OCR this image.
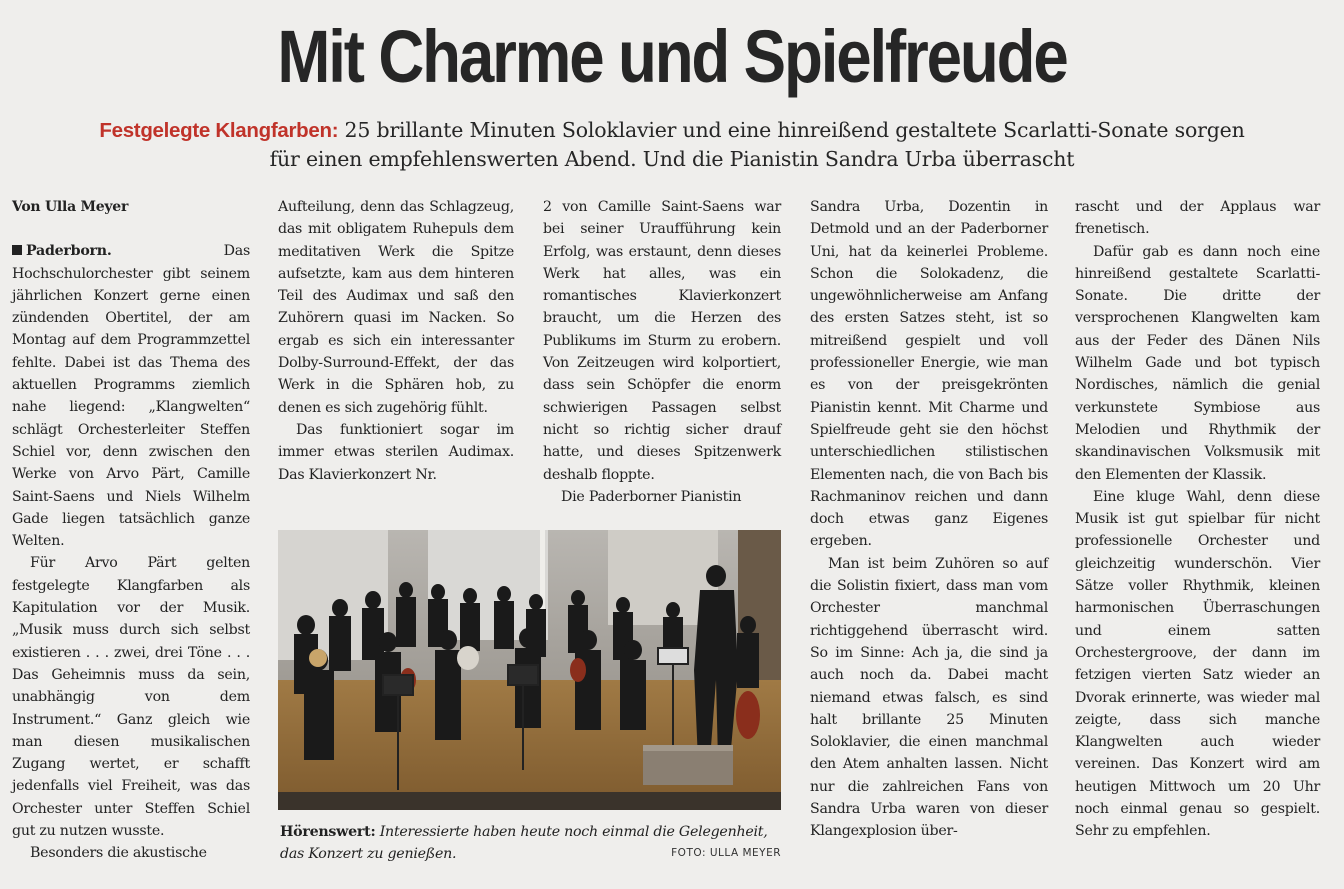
Mit Charme und Spielfreude
Festgelegte Klangfarben: 25 brillante Minuten Soloklavier und eine hinreißend gestaltete Scarlatti-Sonate sorgen
für einen empfehlenswerten Abend. Und die Pianistin Sandra Urba überrascht
Von Ulla Meyer

Paderborn. Das Hochschulorchester gibt seinem jährlichen Konzert gerne einen zündenden Obertitel, der am Montag auf dem Programmzettel fehlte. Dabei ist das Thema des aktuellen Programms ziemlich nahe liegend: „Klangwelten“ schlägt Orchesterleiter Steffen Schiel vor, denn zwischen den Werke von Arvo Pärt, Camille Saint-Saens und Niels Wilhelm Gade liegen tatsächlich ganze Welten.

Für Arvo Pärt gelten festgelegte Klangfarben als Kapitulation vor der Musik. „Musik muss durch sich selbst existieren . . . zwei, drei Töne . . . Das Geheimnis muss da sein, unabhängig von dem Instrument.“ Ganz gleich wie man diesen musikalischen Zugang wertet, er schafft jedenfalls viel Freiheit, was das Orchester unter Steffen Schiel gut zu nutzen wusste.

Besonders die akustische

Aufteilung, denn das Schlagzeug, das mit obligatem Ruhepuls dem meditativen Werk die Spitze aufsetzte, kam aus dem hinteren Teil des Audimax und saß den Zuhörern quasi im Nacken. So ergab es sich ein interessanter Dolby-Surround-Effekt, der das Werk in die Sphären hob, zu denen es sich zugehörig fühlt.

Das funktioniert sogar im immer etwas sterilen Audimax. Das Klavierkonzert Nr.

2 von Camille Saint-Saens war bei seiner Uraufführung kein Erfolg, was erstaunt, denn dieses Werk hat alles, was ein romantisches Klavierkonzert braucht, um die Herzen des Publikums im Sturm zu erobern. Von Zeitzeugen wird kolportiert, dass sein Schöpfer die enorm schwierigen Passagen selbst nicht so richtig sicher drauf hatte, und dieses Spitzenwerk deshalb floppte.

Die Paderborner Pianistin

Sandra Urba, Dozentin in Detmold und an der Paderborner Uni, hat da keinerlei Probleme. Schon die Solokadenz, die ungewöhnlicherweise am Anfang des ersten Satzes steht, ist so mitreißend gespielt und voll professioneller Energie, wie man es von der preisgekrönten Pianistin kennt. Mit Charme und Spielfreude geht sie den höchst unterschiedlichen stilistischen Elementen nach, die von Bach bis Rachmaninov reichen und dann doch etwas ganz Eigenes ergeben.

Man ist beim Zuhören so auf die Solistin fixiert, dass man vom Orchester manchmal richtiggehend überrascht wird. So im Sinne: Ach ja, die sind ja auch noch da. Dabei macht niemand etwas falsch, es sind halt brillante 25 Minuten Soloklavier, die einen manchmal den Atem anhalten lassen. Nicht nur die zahlreichen Fans von Sandra Urba waren von dieser Klangexplosion über-

rascht und der Applaus war frenetisch.

Dafür gab es dann noch eine hinreißend gestaltete Scarlatti-Sonate. Die dritte der versprochenen Klangwelten kam aus der Feder des Dänen Nils Wilhelm Gade und bot typisch Nordisches, nämlich die genial verkunstete Symbiose aus Melodien und Rhythmik der skandinavischen Volksmusik mit den Elementen der Klassik.

Eine kluge Wahl, denn diese Musik ist gut spielbar für nicht professionelle Orchester und gleichzeitig wunderschön. Vier Sätze voller Rhythmik, kleinen harmonischen Überraschungen und einem satten Orchestergroove, der dann im fetzigen vierten Satz wieder an Dvorak erinnerte, was wieder mal zeigte, dass sich manche Klangwelten auch wieder vereinen. Das Konzert wird am heutigen Mittwoch um 20 Uhr noch einmal genau so gespielt. Sehr zu empfehlen.

Hörenswert: Interessierte haben heute noch einmal die Gelegenheit, das Konzert zu genießen.	FOTO: ULLA MEYER
